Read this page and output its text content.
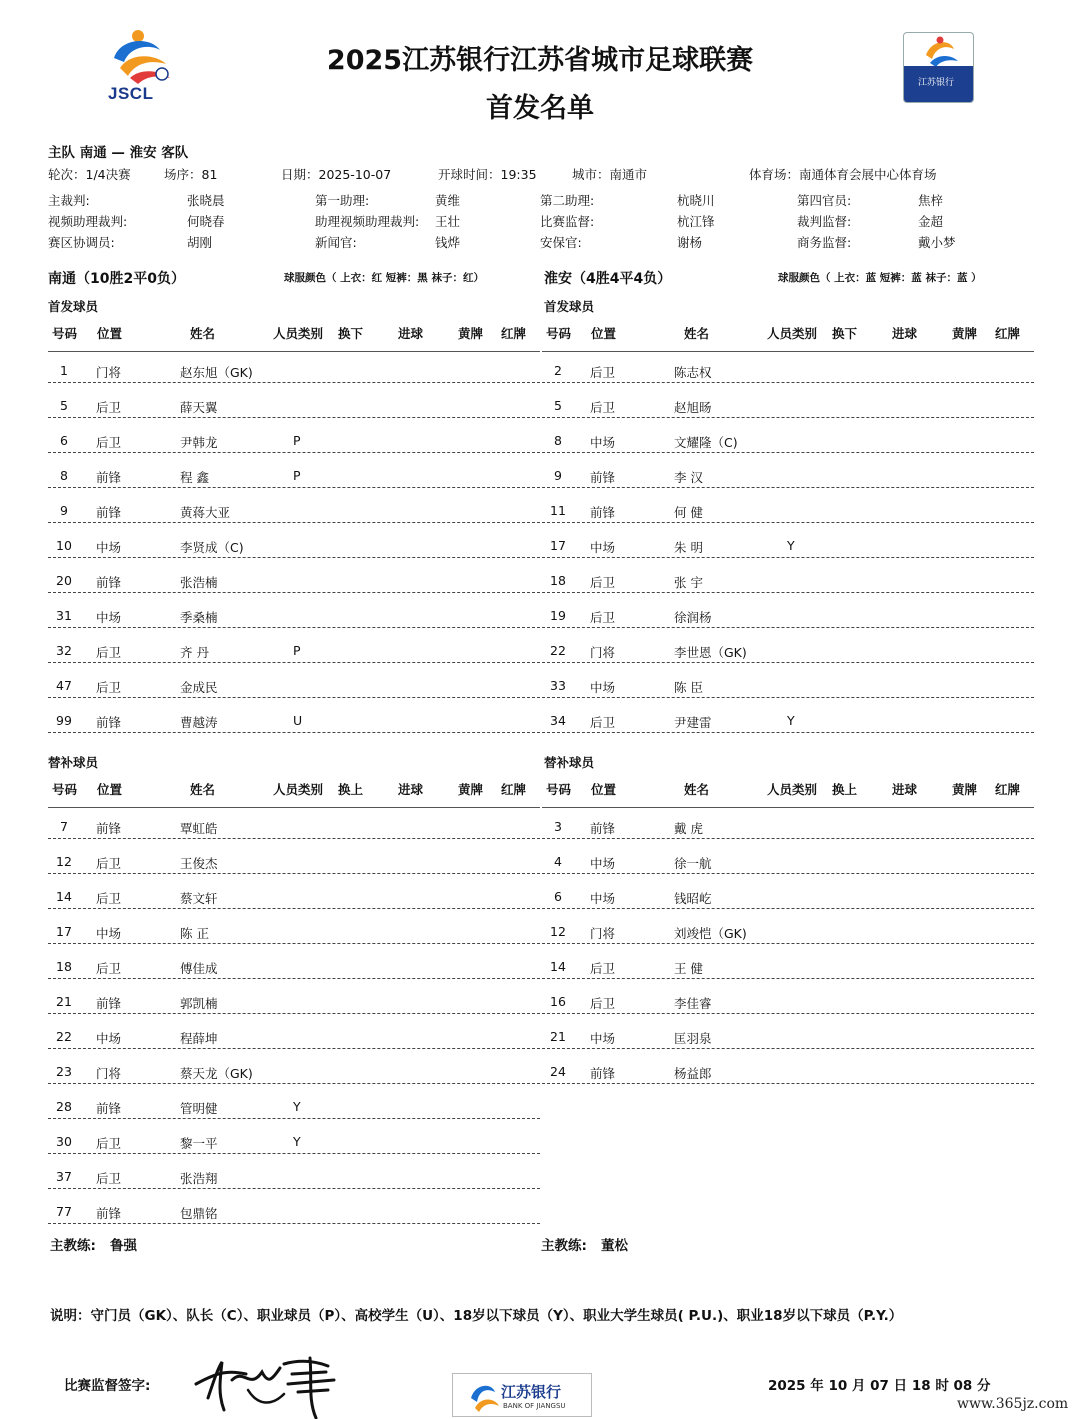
JSCL
江苏银行
2025江苏银行江苏省城市足球联赛
首发名单
主队 南通 — 淮安 客队
轮次：1/4决赛	场序：81	日期：2025-10-07	开球时间：19:35	城市：南通市	体育场：南通体育会展中心体育场
主裁判:	张晓晨	第一助理:	黄维	第二助理:	杭晓川	第四官员:	焦梓
视频助理裁判:	何晓春	助理视频助理裁判: 王壮	比赛监督:	杭江锋	裁判监督:	金超
赛区协调员:	胡刚	新闻官:	钱烨	安保官:	谢杨	商务监督:	戴小梦
南通（10胜2平0负）	球服颜色（ 上衣：红 短裤：黑 袜子：红）	淮安（4胜4平4负）	球服颜色（ 上衣：蓝 短裤：蓝 袜子：蓝 ）
首发球员	首发球员
替补球员	替补球员
号码 位置	姓名	人员类别 换下	进球	黄牌 红牌
1	门将	赵东旭（GK)
5	后卫	薛天翼
6	后卫	尹韩龙	P
8	前锋	程 鑫	P
9	前锋	黄蒋大亚
10	中场	李贤成（C)
20	前锋	张浩楠
31	中场	季桑楠
32	后卫	齐 丹	P
47	后卫	金成民
99	前锋	曹越涛	U
号码 位置	姓名	人员类别 换下	进球	黄牌 红牌
2	后卫	陈志权
5	后卫	赵旭旸
8	中场	文耀隆（C)
9	前锋	李 汉
11	前锋	何 健
17	中场	朱 明	Y
18	后卫	张 宇
19	后卫	徐润杨
22	门将	李世恩（GK)
33	中场	陈 臣
34	后卫	尹建雷	Y
号码 位置	姓名	人员类别 换上	进球	黄牌 红牌
7	前锋	覃虹皓
12	后卫	王俊杰
14	后卫	蔡文轩
17	中场	陈 正
18	后卫	傅佳成
21	前锋	郭凯楠
22	中场	程薛坤
23	门将	蔡天龙（GK)
28	前锋	管明健	Y
30	后卫	黎一平	Y
37	后卫	张浩翔
77	前锋	包鼎铭
号码 位置	姓名	人员类别 换上	进球	黄牌 红牌
3	前锋	戴 虎
4	中场	徐一航
6	中场	钱昭屹
12	门将	刘竣恺（GK)
14	后卫	王 健
16	后卫	李佳睿
21	中场	匡羽泉
24	前锋	杨益郎
主教练: 鲁强	主教练: 董松
说明：守门员（GK）、队长（C）、职业球员（P）、高校学生（U）、18岁以下球员（Y）、职业大学生球员( P.U.)、职业18岁以下球员（P.Y.）
比赛监督签字:	江苏银行
BANK OF JIANGSU
2025 年 10 月 07 日 18 时 08 分
www.365jz.com
